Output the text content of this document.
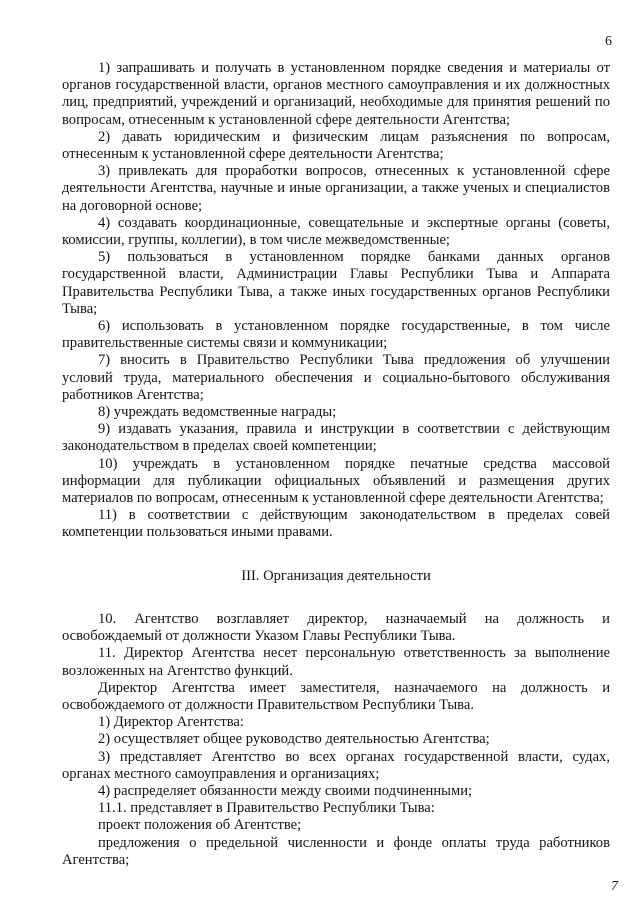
6

1) запрашивать и получать в установленном порядке сведения и материалы от органов государственной власти, органов местного самоуправления и их должностных лиц, предприятий, учреждений и организаций, необходимые для принятия решений по вопросам, отнесенным к установленной сфере деятельности Агентства;

2) давать юридическим и физическим лицам разъяснения по вопросам, отнесенным к установленной сфере деятельности Агентства;

3) привлекать для проработки вопросов, отнесенных к установленной сфере деятельности Агентства, научные и иные организации, а также ученых и специалистов на договорной основе;

4) создавать координационные, совещательные и экспертные органы (советы, комиссии, группы, коллегии), в том числе межведомственные;

5) пользоваться в установленном порядке банками данных органов государственной власти, Администрации Главы Республики Тыва и Аппарата Правительства Республики Тыва, а также иных государственных органов Республики Тыва;

6) использовать в установленном порядке государственные, в том числе правительственные системы связи и коммуникации;

7) вносить в Правительство Республики Тыва предложения об улучшении условий труда, материального обеспечения и социально-бытового обслуживания работников Агентства;

8) учреждать ведомственные награды;

9) издавать указания, правила и инструкции в соответствии с действующим законодательством в пределах своей компетенции;

10) учреждать в установленном порядке печатные средства массовой информации для публикации официальных объявлений и размещения других материалов по вопросам, отнесенным к установленной сфере деятельности Агентства;

11) в соответствии с действующим законодательством в пределах совей компетенции пользоваться иными правами.

III. Организация деятельности

10. Агентство возглавляет директор, назначаемый на должность и освобождаемый от должности Указом Главы Республики Тыва.

11. Директор Агентства несет персональную ответственность за выполнение возложенных на Агентство функций.

Директор Агентства имеет заместителя, назначаемого на должность и освобождаемого от должности Правительством Республики Тыва.

1) Директор Агентства:

2) осуществляет общее руководство деятельностью Агентства;

3) представляет Агентство во всех органах государственной власти, судах, органах местного самоуправления и организациях;

4) распределяет обязанности между своими подчиненными;

11.1. представляет в Правительство Республики Тыва:

проект положения об Агентстве;

предложения о предельной численности и фонде оплаты труда работников Агентства;

7
